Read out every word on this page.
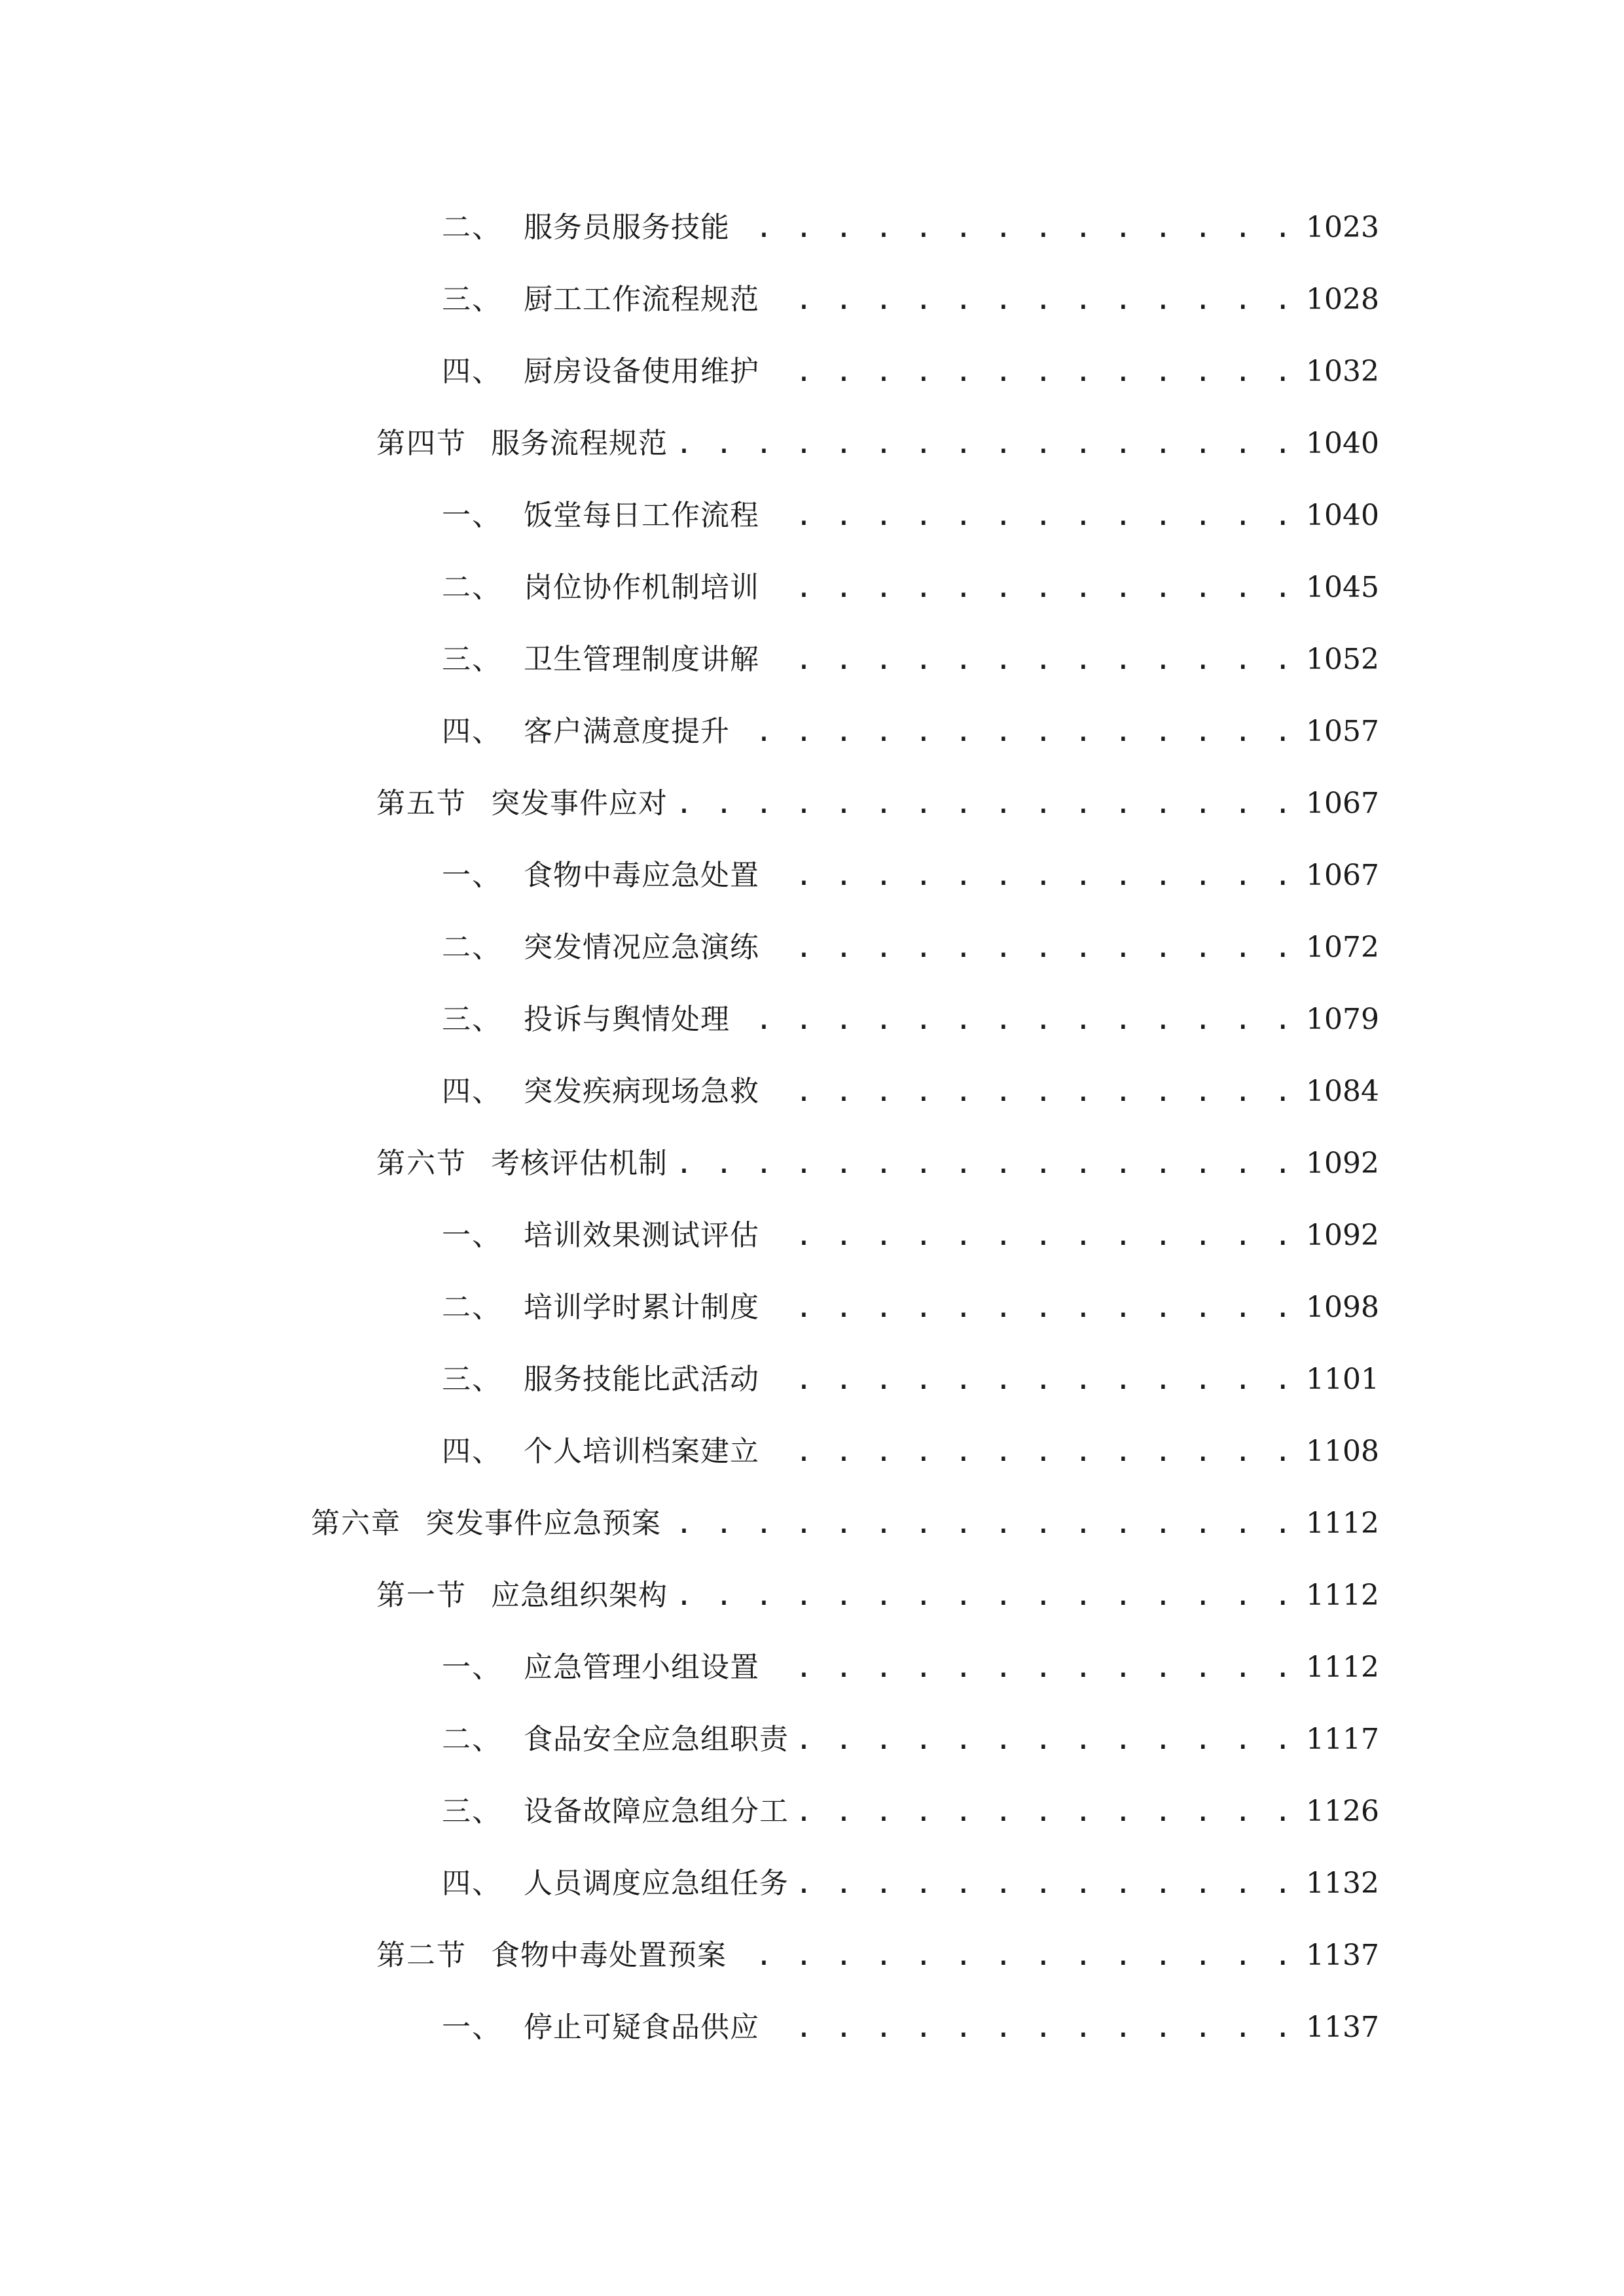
二、 服务员服务技能 . . .	1023
三、 厨工工作流程规范 . . .	1028
四、 厨房设备使用维护 . . .	1032
第四节 服务流程规范 . . .	1040
一、 饭堂每日工作流程 . . .	1040
二、 岗位协作机制培训 . . .	1045
三、 卫生管理制度讲解 . . .	1052
四、 客户满意度提升 . . .	1057
第五节 突发事件应对 . . .	1067
一、 食物中毒应急处置 . . .	1067
二、 突发情况应急演练 . . .	1072
三、 投诉与舆情处理 . . .	1079
四、 突发疾病现场急救 . . .	1084
第六节 考核评估机制 . . .	1092
一、 培训效果测试评估 . . .	1092
二、 培训学时累计制度 . . .	1098
三、 服务技能比武活动 . . .	1101
四、 个人培训档案建立 . . .	1108
第六章 突发事件应急预案 . . .	1112
第一节 应急组织架构 . . .	1112
一、 应急管理小组设置 . . .	1112
二、 食品安全应急组职责 . . .	1117
三、 设备故障应急组分工 . . .	1126
四、 人员调度应急组任务 . . .	1132
第二节 食物中毒处置预案 . . .	1137
一、 停止可疑食品供应 . . .	1137
